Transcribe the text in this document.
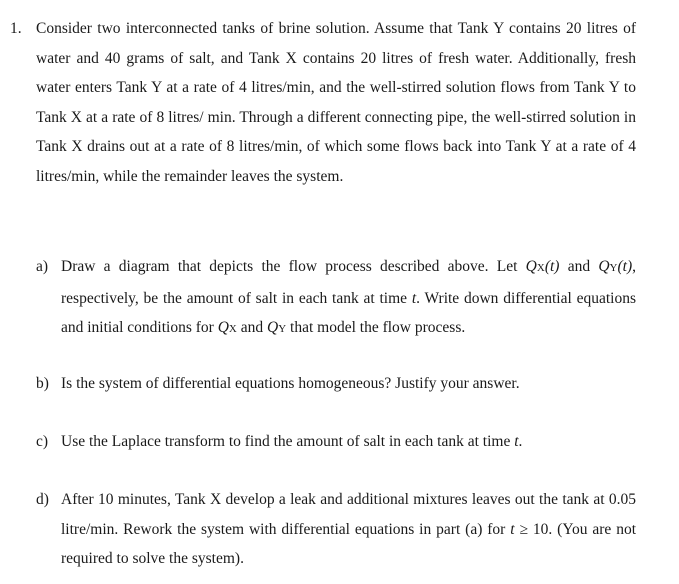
1. Consider two interconnected tanks of brine solution. Assume that Tank Y contains 20 litres of water and 40 grams of salt, and Tank X contains 20 litres of fresh water. Additionally, fresh water enters Tank Y at a rate of 4 litres/min, and the well-stirred solution flows from Tank Y to Tank X at a rate of 8 litres/ min. Through a different connecting pipe, the well-stirred solution in Tank X drains out at a rate of 8 litres/min, of which some flows back into Tank Y at a rate of 4 litres/min, while the remainder leaves the system.
a) Draw a diagram that depicts the flow process described above. Let QX(t) and QY(t), respectively, be the amount of salt in each tank at time t. Write down differential equations and initial conditions for QX and QY that model the flow process.
b) Is the system of differential equations homogeneous? Justify your answer.
c) Use the Laplace transform to find the amount of salt in each tank at time t.
d) After 10 minutes, Tank X develop a leak and additional mixtures leaves out the tank at 0.05 litre/min. Rework the system with differential equations in part (a) for t ≥ 10. (You are not required to solve the system).
